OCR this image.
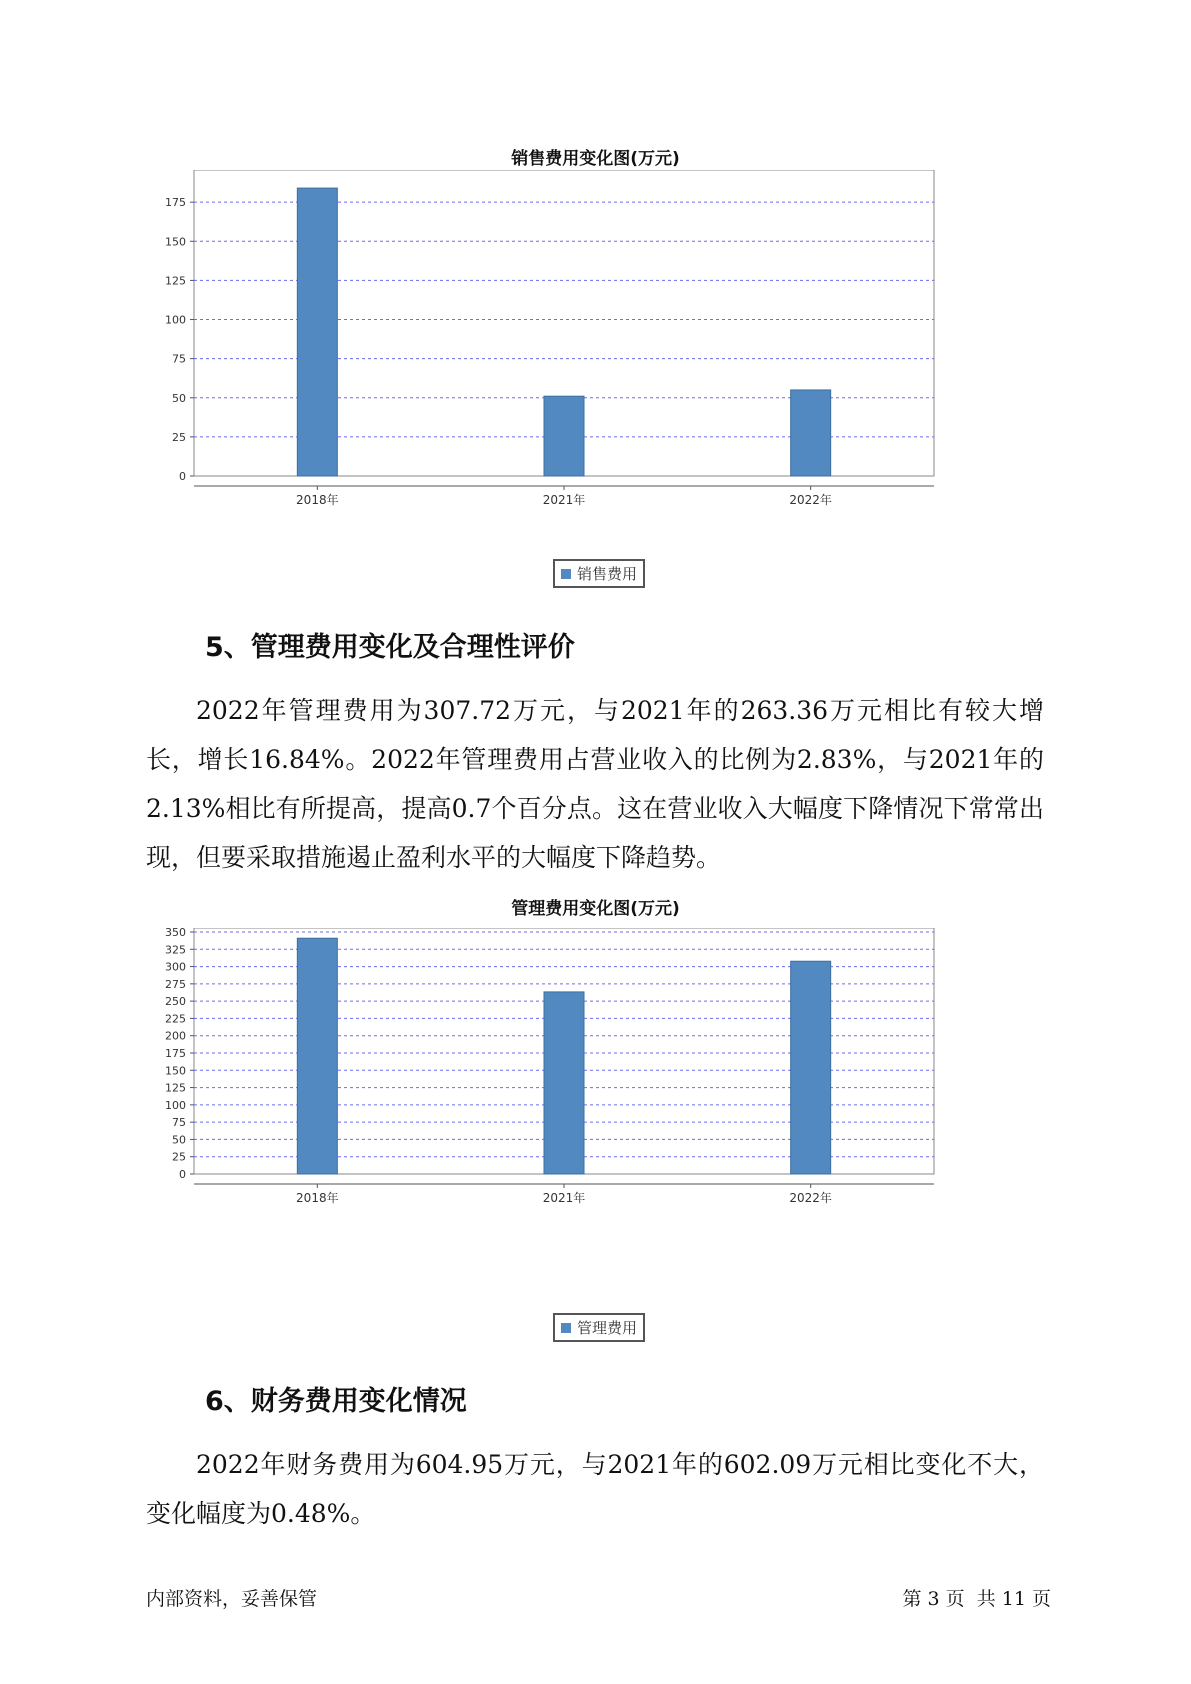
销售费用变化图(万元)
0
25
50
75
100
125
150
175
2018年	2021年	2022年
销售费用
5、管理费用变化及合理性评价

2022年管理费用为307.72万元，与2021年的263.36万元相比有较大增长，增长16.84%。2022年管理费用占营业收入的比例为2.83%，与2021年的2.13%相比有所提高，提高0.7个百分点。这在营业收入大幅度下降情况下常常出现，但要采取措施遏止盈利水平的大幅度下降趋势。

管理费用变化图(万元)
0
25
50
75
100
125
150
175
200
225
250
275
300
325
350
2018年	2021年	2022年
管理费用
6、财务费用变化情况

2022年财务费用为604.95万元，与2021年的602.09万元相比变化不大，变化幅度为0.48%。

内部资料，妥善保管	第 3 页  共 11 页
